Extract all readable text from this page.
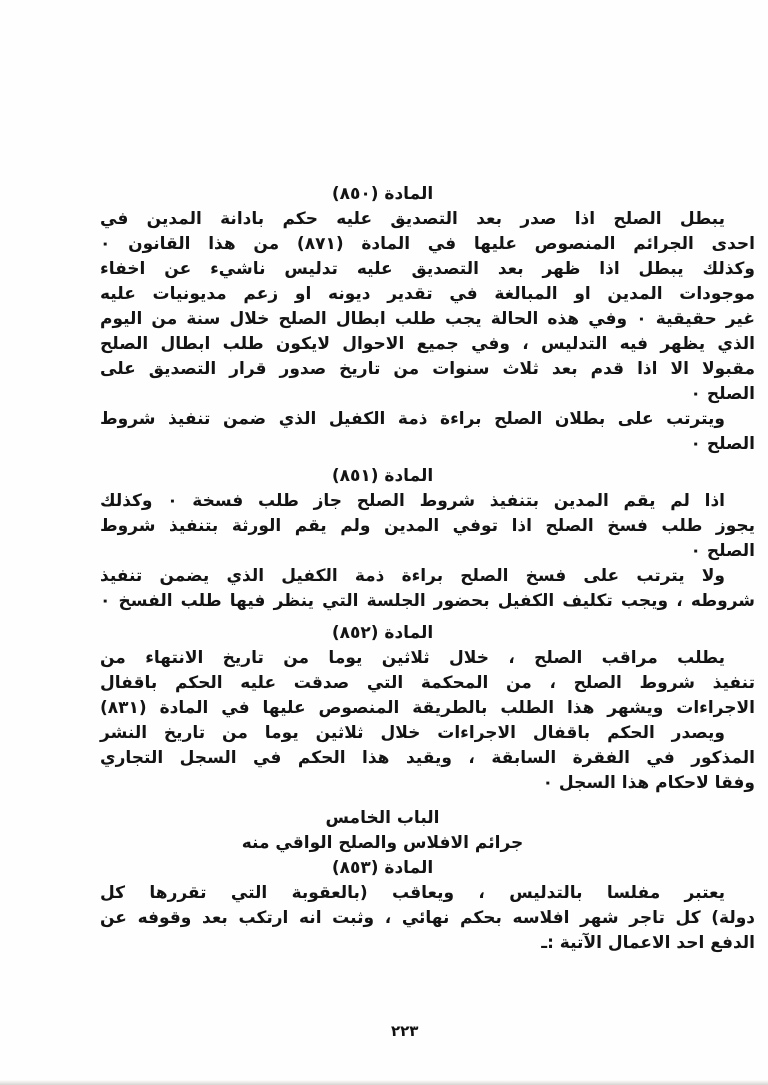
المادة (٨٥٠)
يبطل الصلح اذا صدر بعد التصديق عليه حكم بادانة المدين في
احدى الجرائم المنصوص عليها في المادة (٨٧١) من هذا القانون ٠
وكذلك يبطل اذا ظهر بعد التصديق عليه تدليس ناشيء عن اخفاء
موجودات المدين او المبالغة في تقدير ديونه او زعم مديونيات عليه
غير حقيقية ٠ وفي هذه الحالة يجب طلب ابطال الصلح خلال سنة من اليوم
الذي يظهر فيه التدليس ، وفي جميع الاحوال لايكون طلب ابطال الصلح
مقبولا الا اذا قدم بعد ثلاث سنوات من تاريخ صدور قرار التصديق على
الصلح ٠
ويترتب على بطلان الصلح براءة ذمة الكفيل الذي ضمن تنفيذ شروط
الصلح ٠
المادة (٨٥١)
اذا لم يقم المدين بتنفيذ شروط الصلح جاز طلب فسخة ٠ وكذلك
يجوز طلب فسخ الصلح اذا توفي المدين ولم يقم الورثة بتنفيذ شروط
الصلح ٠
ولا يترتب على فسخ الصلح براءة ذمة الكفيل الذي يضمن تنفيذ
شروطه ، ويجب تكليف الكفيل بحضور الجلسة التي ينظر فيها طلب الفسخ ٠
المادة (٨٥٢)
يطلب مراقب الصلح ، خلال ثلاثين يوما من تاريخ الانتهاء من
تنفيذ شروط الصلح ، من المحكمة التي صدقت عليه الحكم باقفال
الاجراءات ويشهر هذا الطلب بالطريقة المنصوص عليها في المادة (٨٣١)
ويصدر الحكم باقفال الاجراءات خلال ثلاثين يوما من تاريخ النشر
المذكور في الفقرة السابقة ، ويقيد هذا الحكم في السجل التجاري
وفقا لاحكام هذا السجل ٠
الباب الخامس
جرائم الافلاس والصلح الواقي منه
المادة (٨٥٣)
يعتبر مفلسا بالتدليس ، ويعاقب (بالعقوبة التي تقررها كل
دولة) كل تاجر شهر افلاسه بحكم نهائي ، وثبت انه ارتكب بعد وقوفه عن
الدفع احد الاعمال الآتية :ـ
٢٢٣
